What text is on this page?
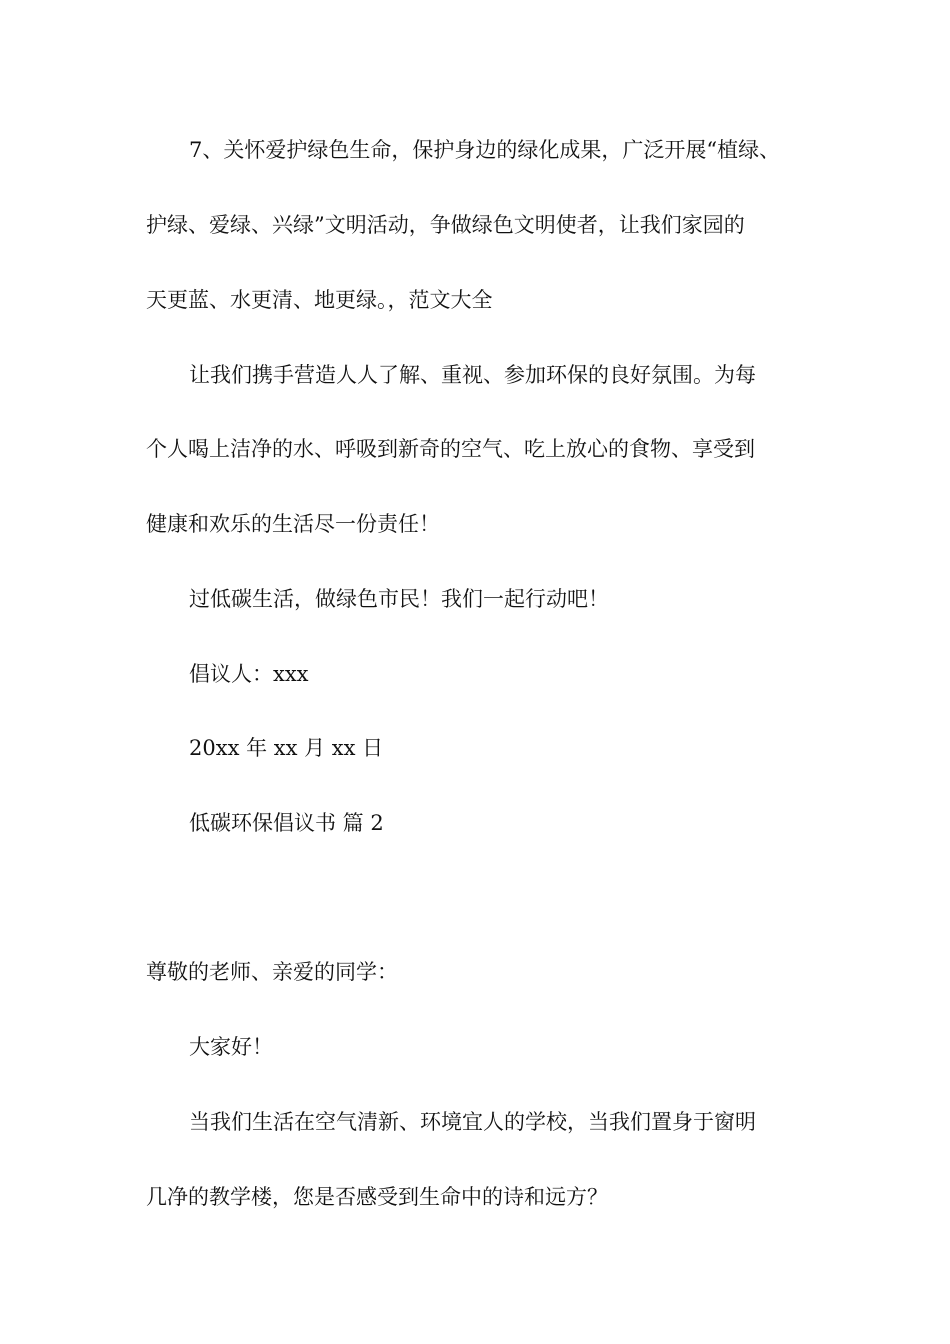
7、关怀爱护绿色生命，保护身边的绿化成果，广泛开展“植绿、

护绿、爱绿、兴绿”文明活动，争做绿色文明使者，让我们家园的

天更蓝、水更清、地更绿。，范文大全

让我们携手营造人人了解、重视、参加环保的良好氛围。为每

个人喝上洁净的水、呼吸到新奇的空气、吃上放心的食物、享受到

健康和欢乐的生活尽一份责任！

过低碳生活，做绿色市民！我们一起行动吧！

倡议人：xxx

20xx 年 xx 月 xx 日

低碳环保倡议书 篇 2

尊敬的老师、亲爱的同学：

大家好！

当我们生活在空气清新、环境宜人的学校，当我们置身于窗明

几净的教学楼，您是否感受到生命中的诗和远方？
